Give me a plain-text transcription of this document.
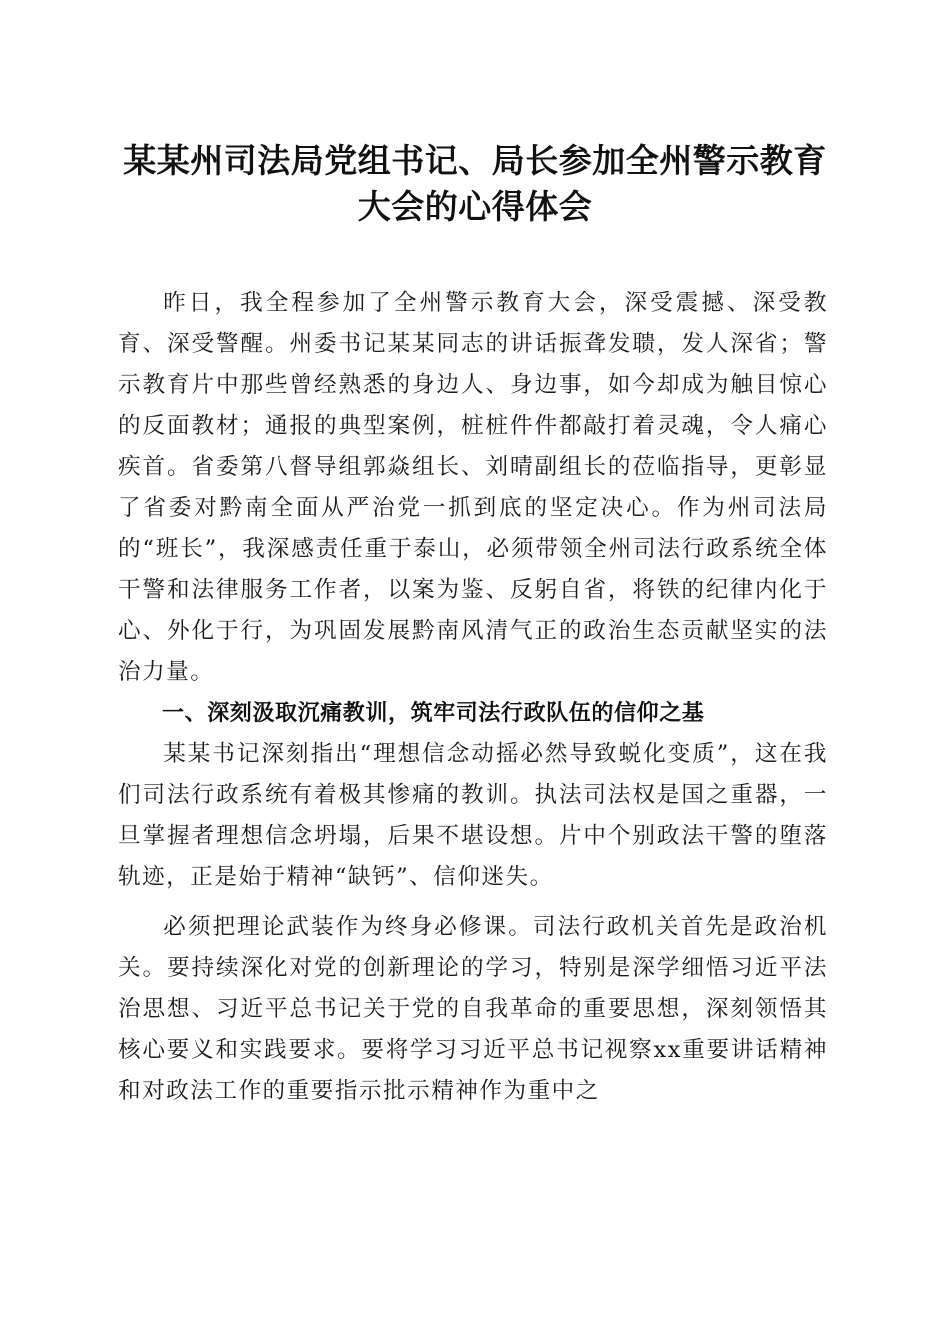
某某州司法局党组书记、局长参加全州警示教育大会的心得体会

昨日，我全程参加了全州警示教育大会，深受震撼、深受教育、深受警醒。州委书记某某同志的讲话振聋发聩，发人深省；警示教育片中那些曾经熟悉的身边人、身边事，如今却成为触目惊心的反面教材；通报的典型案例，桩桩件件都敲打着灵魂，令人痛心疾首。省委第八督导组郭焱组长、刘晴副组长的莅临指导，更彰显了省委对黔南全面从严治党一抓到底的坚定决心。作为州司法局的“班长”，我深感责任重于泰山，必须带领全州司法行政系统全体干警和法律服务工作者，以案为鉴、反躬自省，将铁的纪律内化于心、外化于行，为巩固发展黔南风清气正的政治生态贡献坚实的法治力量。

一、深刻汲取沉痛教训，筑牢司法行政队伍的信仰之基

某某书记深刻指出“理想信念动摇必然导致蜕化变质”，这在我们司法行政系统有着极其惨痛的教训。执法司法权是国之重器，一旦掌握者理想信念坍塌，后果不堪设想。片中个别政法干警的堕落轨迹，正是始于精神“缺钙”、信仰迷失。

必须把理论武装作为终身必修课。司法行政机关首先是政治机关。要持续深化对党的创新理论的学习，特别是深学细悟习近平法治思想、习近平总书记关于党的自我革命的重要思想，深刻领悟其核心要义和实践要求。要将学习习近平总书记视察xx重要讲话精神和对政法工作的重要指示批示精神作为重中之
